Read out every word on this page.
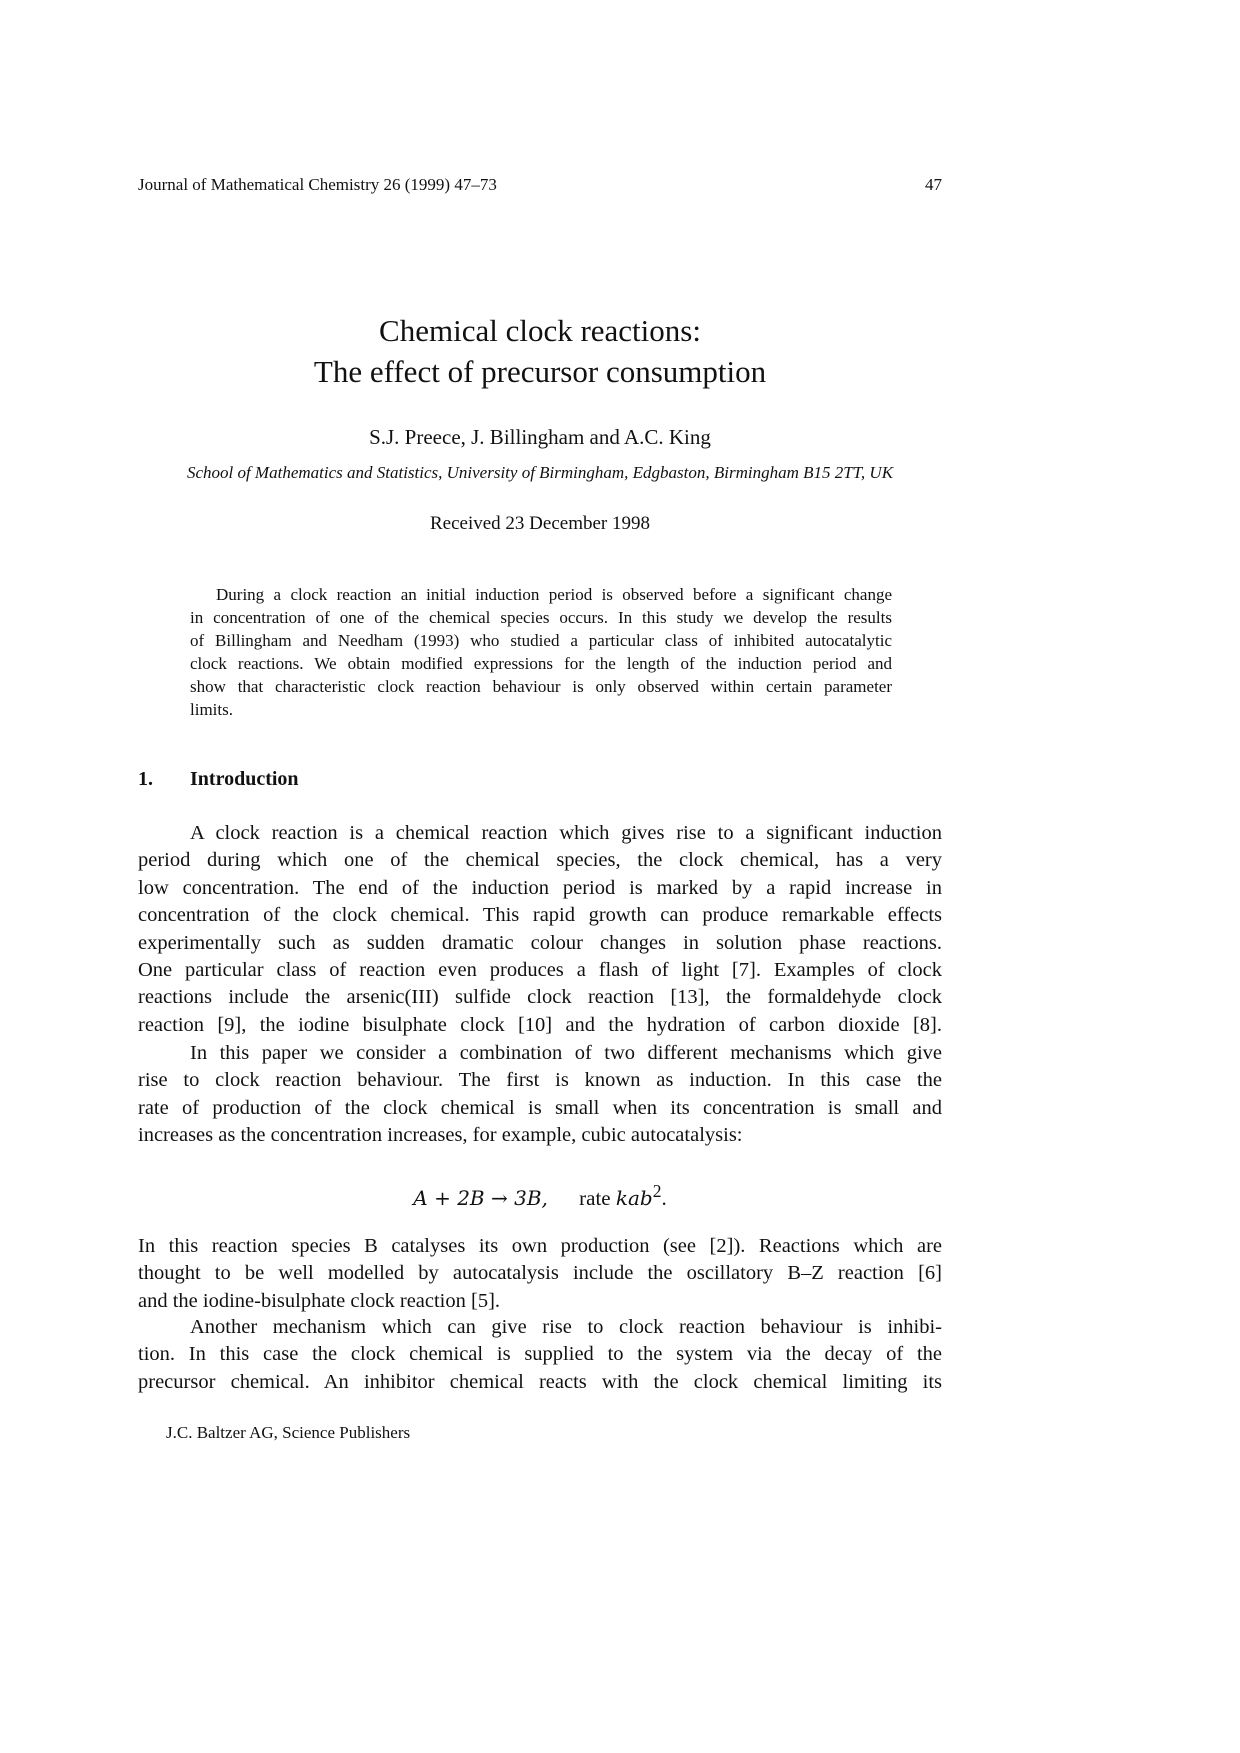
Journal of Mathematical Chemistry 26 (1999) 47–73	47
Chemical clock reactions:
The effect of precursor consumption
S.J. Preece, J. Billingham and A.C. King
School of Mathematics and Statistics, University of Birmingham, Edgbaston, Birmingham B15 2TT, UK
Received 23 December 1998
During a clock reaction an initial induction period is observed before a significant change
in concentration of one of the chemical species occurs. In this study we develop the results
of Billingham and Needham (1993) who studied a particular class of inhibited autocatalytic
clock reactions. We obtain modified expressions for the length of the induction period and
show that characteristic clock reaction behaviour is only observed within certain parameter
limits.
1. Introduction
A clock reaction is a chemical reaction which gives rise to a significant induction
period during which one of the chemical species, the clock chemical, has a very
low concentration. The end of the induction period is marked by a rapid increase in
concentration of the clock chemical. This rapid growth can produce remarkable effects
experimentally such as sudden dramatic colour changes in solution phase reactions.
One particular class of reaction even produces a flash of light [7]. Examples of clock
reactions include the arsenic(III) sulfide clock reaction [13], the formaldehyde clock
reaction [9], the iodine bisulphate clock [10] and the hydration of carbon dioxide [8].
In this paper we consider a combination of two different mechanisms which give
rise to clock reaction behaviour. The first is known as induction. In this case the
rate of production of the clock chemical is small when its concentration is small and
increases as the concentration increases, for example, cubic autocatalysis:
A + 2B → 3B, rate kab$^2$.
In this reaction species B catalyses its own production (see [2]). Reactions which are
thought to be well modelled by autocatalysis include the oscillatory B–Z reaction [6]
and the iodine-bisulphate clock reaction [5].
Another mechanism which can give rise to clock reaction behaviour is inhibi-
tion. In this case the clock chemical is supplied to the system via the decay of the
precursor chemical. An inhibitor chemical reacts with the clock chemical limiting its
J.C. Baltzer AG, Science Publishers
